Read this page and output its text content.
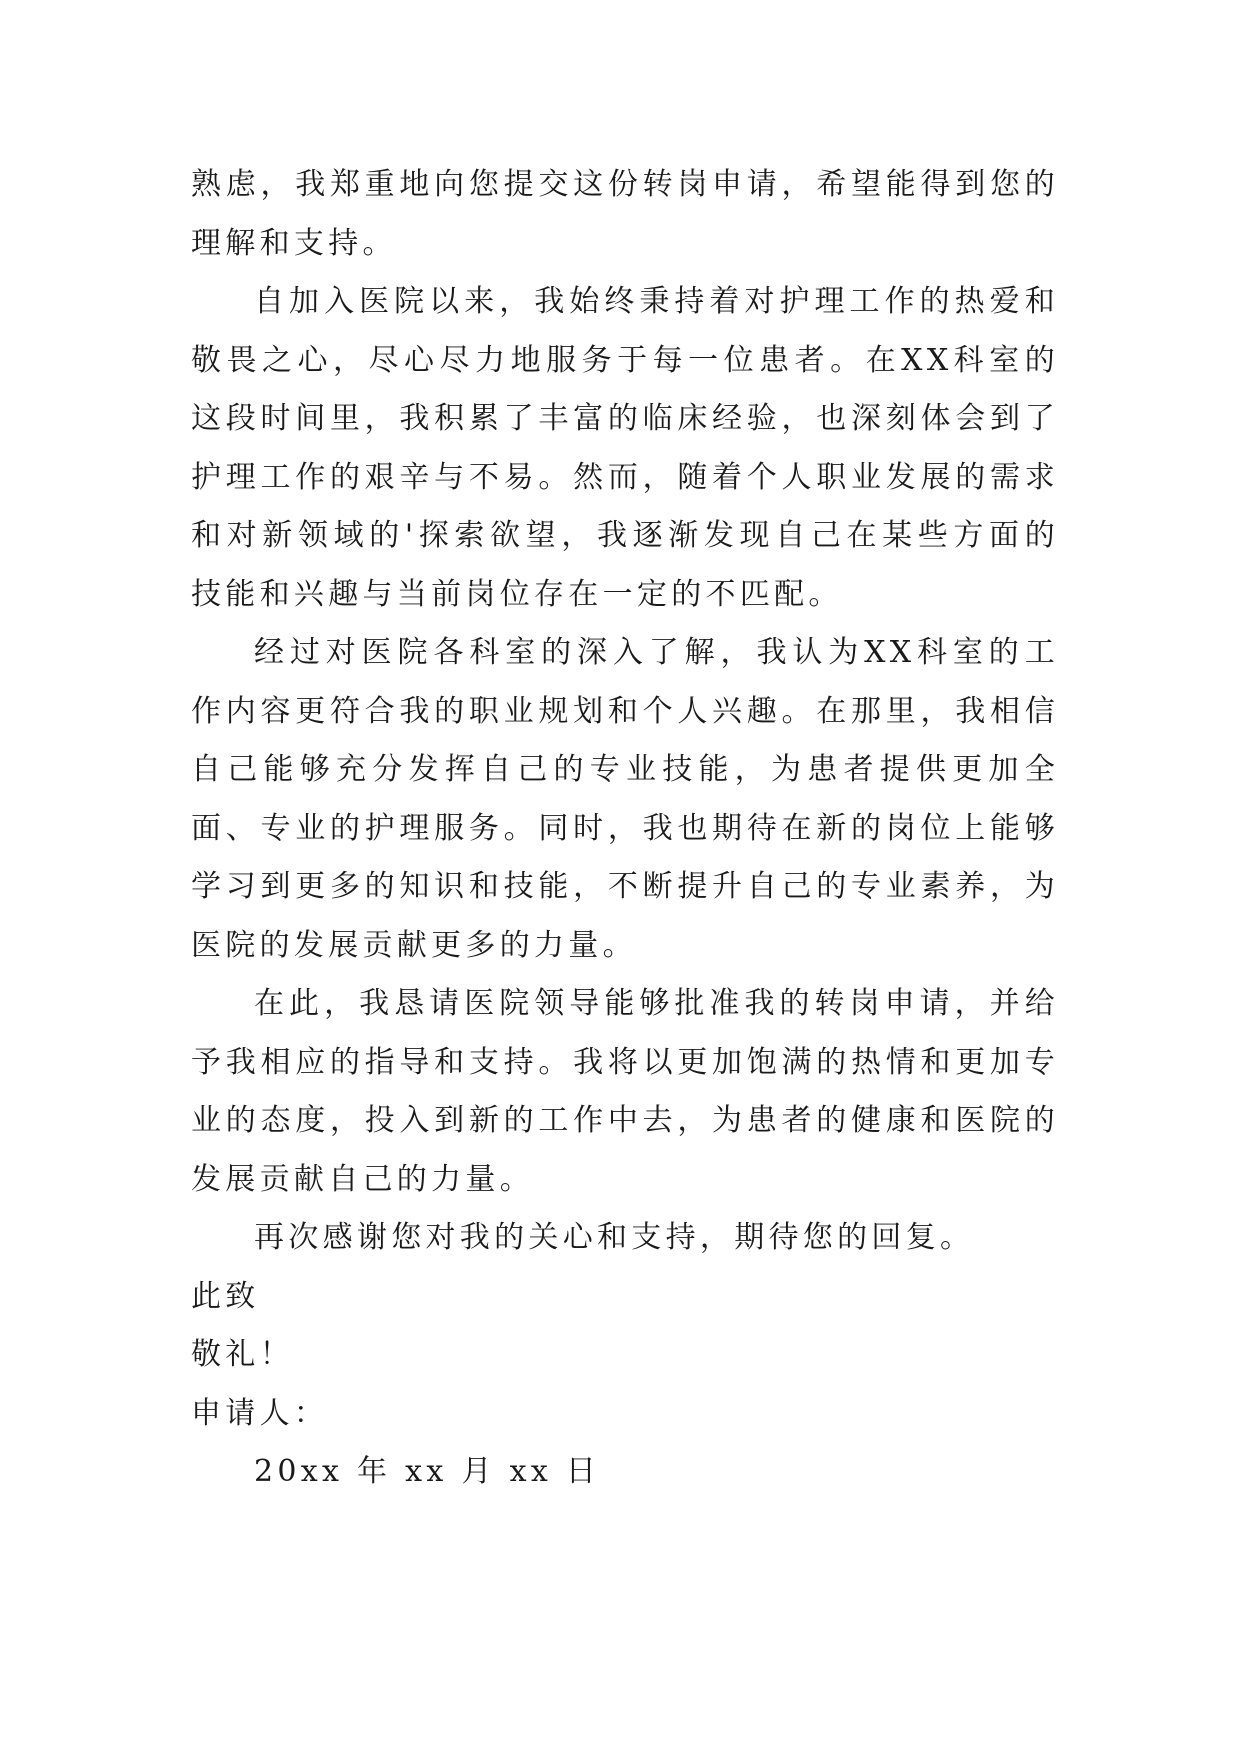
熟虑，我郑重地向您提交这份转岗申请，希望能得到您的理解和支持。

自加入医院以来，我始终秉持着对护理工作的热爱和敬畏之心，尽心尽力地服务于每一位患者。在XX科室的这段时间里，我积累了丰富的临床经验，也深刻体会到了护理工作的艰辛与不易。然而，随着个人职业发展的需求和对新领域的'探索欲望，我逐渐发现自己在某些方面的技能和兴趣与当前岗位存在一定的不匹配。

经过对医院各科室的深入了解，我认为XX科室的工作内容更符合我的职业规划和个人兴趣。在那里，我相信自己能够充分发挥自己的专业技能，为患者提供更加全面、专业的护理服务。同时，我也期待在新的岗位上能够学习到更多的知识和技能，不断提升自己的专业素养，为医院的发展贡献更多的力量。

在此，我恳请医院领导能够批准我的转岗申请，并给予我相应的指导和支持。我将以更加饱满的热情和更加专业的态度，投入到新的工作中去，为患者的健康和医院的发展贡献自己的力量。

再次感谢您对我的关心和支持，期待您的回复。

此致

敬礼！

申请人：

20xx 年 xx 月 xx 日
